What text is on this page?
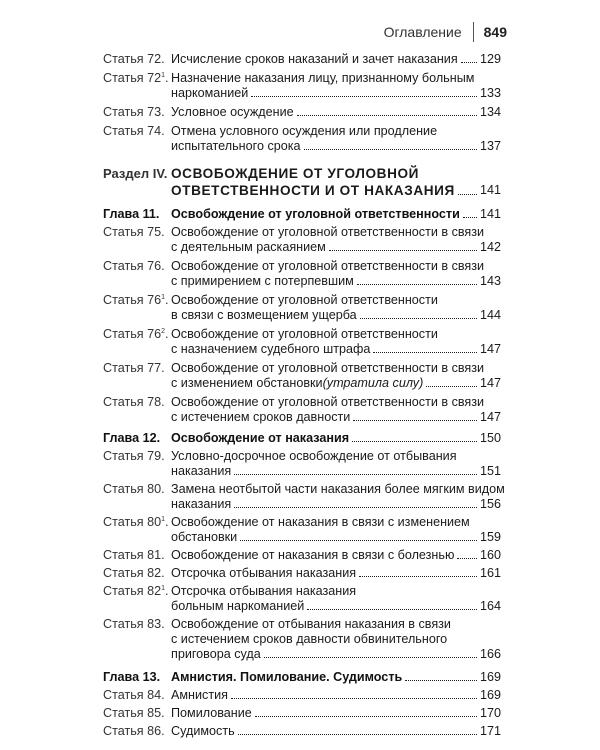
Оглавление 849
Статья 72. Исчисление сроков наказаний и зачет наказания 129
Статья $72^1$. Назначение наказания лицу, признанному больным
наркоманией	133
Статья 73. Условное осуждение	134
Статья 74. Отмена условного осуждения или продление
испытательного срока	137
Раздел IV. ОСВОБОЖДЕНИЕ ОТ УГОЛОВНОЙ
ОТВЕТСТВЕННОСТИ И ОТ НАКАЗАНИЯ 141
Глава 11. Освобождение от уголовной ответственности 141
Статья 75. Освобождение от уголовной ответственности в связи
с деятельным раскаянием	142
Статья 76. Освобождение от уголовной ответственности в связи
с примирением с потерпевшим	143
Статья $76^1$. Освобождение от уголовной ответственности
в связи с возмещением ущерба	144
Статья $76^2$. Освобождение от уголовной ответственности
с назначением судебного штрафа	147
Статья 77. Освобождение от уголовной ответственности в связи
с изменением обстановки (утратила силу)	147
Статья 78. Освобождение от уголовной ответственности в связи
с истечением сроков давности	147
Глава 12. Освобождение от наказания	150
Статья 79. Условно-досрочное освобождение от отбывания
наказания	151
Статья 80. Замена неотбытой части наказания более мягким видом
наказания	156
Статья $80^1$. Освобождение от наказания в связи с изменением
обстановки	159
Статья 81. Освобождение от наказания в связи с болезнью 160
Статья 82. Отсрочка отбывания наказания	161
Статья $82^1$. Отсрочка отбывания наказания
больным наркоманией	164
Статья 83. Освобождение от отбывания наказания в связи
с истечением сроков давности обвинительного
приговора суда	166
Глава 13. Амнистия. Помилование. Судимость	169
Статья 84. Амнистия	169
Статья 85. Помилование	170
Статья 86. Судимость	171
